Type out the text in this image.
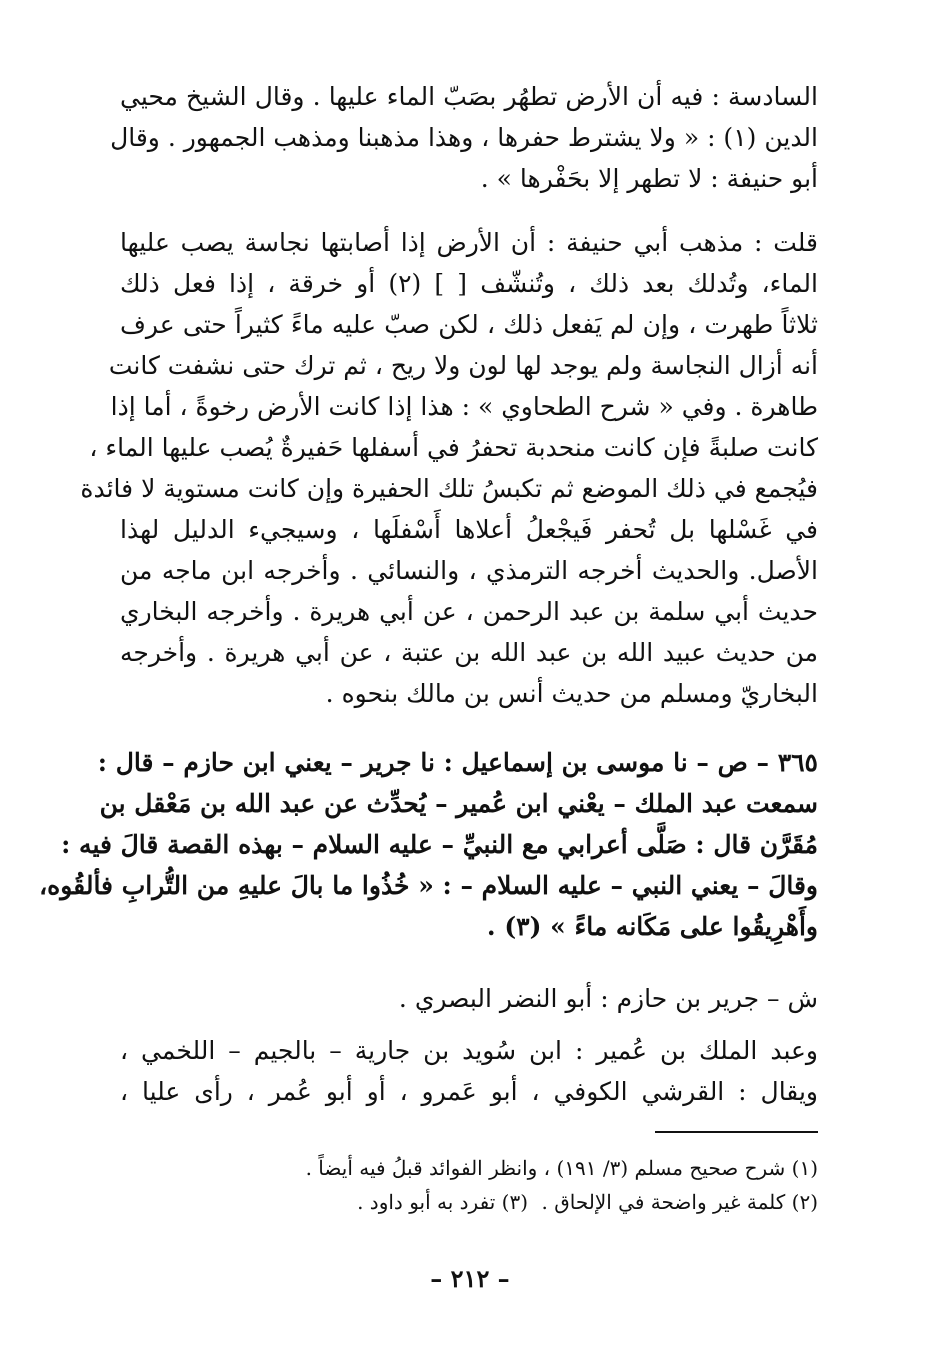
السادسة : فيه أن الأرض تطهُر بصَبّ الماء عليها . وقال الشيخ محيي
الدين (١) : « ولا يشترط حفرها ، وهذا مذهبنا ومذهب الجمهور . وقال
أبو حنيفة : لا تطهر إلا بحَفْرها » .
قلت : مذهب أبي حنيفة : أن الأرض إذا أصابتها نجاسة يصب عليها
الماء، وتُدلك بعد ذلك ، وتُنشّف [ ] (٢) أو خرقة ، إذا فعل ذلك
ثلاثاً طهرت ، وإن لم يَفعل ذلك ، لكن صبّ عليه ماءً كثيراً حتى عرف
أنه أزال النجاسة ولم يوجد لها لون ولا ريح ، ثم ترك حتى نشفت كانت
طاهرة . وفي « شرح الطحاوي » : هذا إذا كانت الأرض رخوةً ، أما إذا
كانت صلبةً فإن كانت منحدبة تحفرُ في أسفلها حَفيرةٌ يُصب عليها الماء ،
فيُجمع في ذلك الموضع ثم تكبسُ تلك الحفيرة وإن كانت مستوية لا فائدة
في غَسْلها بل تُحفر فَيجْعلُ أعلاها أَسْفلَها ، وسيجيء الدليل لهذا
الأصل. والحديث أخرجه الترمذي ، والنسائي . وأخرجه ابن ماجه من
حديث أبي سلمة بن عبد الرحمن ، عن أبي هريرة . وأخرجه البخاري
من حديث عبيد الله بن عبد الله بن عتبة ، عن أبي هريرة . وأخرجه
البخاريّ ومسلم من حديث أنس بن مالك بنحوه .
٣٦٥ – ص – نا موسى بن إسماعيل : نا جرير – يعني ابن حازم – قال :
سمعت عبد الملك – يعْني ابن عُمير – يُحدِّث عن عبد الله بن مَعْقل بن
مُقَرَّن قال : صَلَّى أعرابي مع النبيِّ – عليه السلام – بهذه القصة قالَ فيه :
وقالَ – يعني النبي – عليه السلام – : « خُذُوا ما بالَ عليهِ من التُّرابِ فألقُوه،
وأَهْرِيقُوا على مَكَانه ماءً » (٣) .
ش – جرير بن حازم : أبو النضر البصري .
وعبد الملك بن عُمير : ابن سُويد بن جارية – بالجيم – اللخمي ،
ويقال : القرشي الكوفي ، أبو عَمرو ، أو أبو عُمر ، رأى عليا ،
(١) شرح صحيح مسلم (٣/ ١٩١) ، وانظر الفوائد قبلُ فيه أيضاً .
(٢) كلمة غير واضحة في الإلحاق .(٣) تفرد به أبو داود .
– ٢١٢ –
